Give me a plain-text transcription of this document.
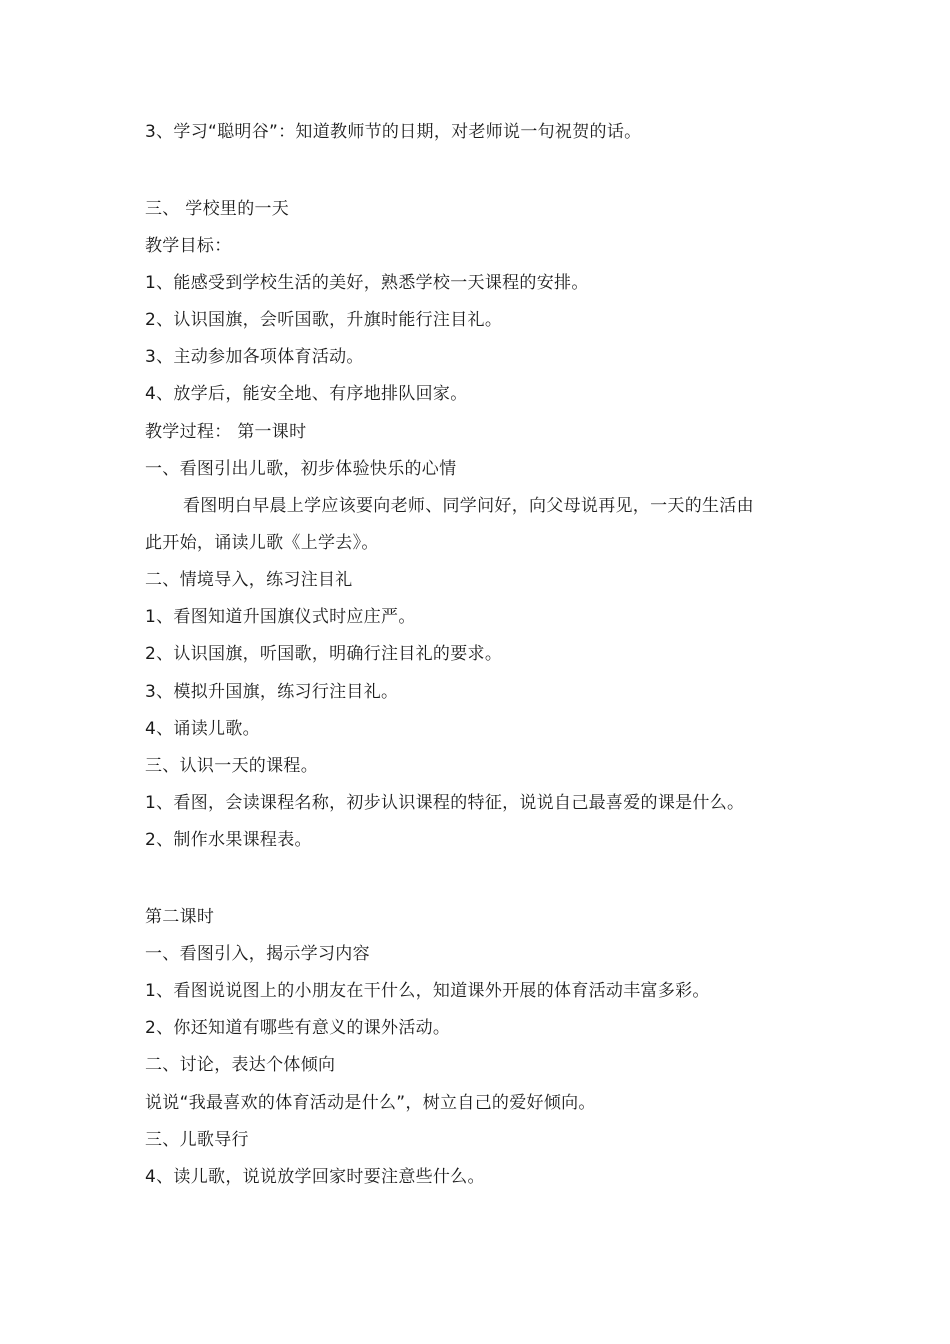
3、学习“聪明谷”：知道教师节的日期，对老师说一句祝贺的话。
三、 学校里的一天
教学目标：
1、能感受到学校生活的美好，熟悉学校一天课程的安排。
2、认识国旗，会听国歌，升旗时能行注目礼。
3、主动参加各项体育活动。
4、放学后，能安全地、有序地排队回家。
教学过程： 第一课时
一、看图引出儿歌，初步体验快乐的心情
看图明白早晨上学应该要向老师、同学问好，向父母说再见，一天的生活由
此开始，诵读儿歌《上学去》。
二、情境导入，练习注目礼
1、看图知道升国旗仪式时应庄严。
2、认识国旗，听国歌，明确行注目礼的要求。
3、模拟升国旗，练习行注目礼。
4、诵读儿歌。
三、认识一天的课程。
1、看图，会读课程名称，初步认识课程的特征，说说自己最喜爱的课是什么。
2、制作水果课程表。
第二课时
一、看图引入，揭示学习内容
1、看图说说图上的小朋友在干什么，知道课外开展的体育活动丰富多彩。
2、你还知道有哪些有意义的课外活动。
二、讨论，表达个体倾向
说说“我最喜欢的体育活动是什么”，树立自己的爱好倾向。
三、儿歌导行
4、读儿歌，说说放学回家时要注意些什么。
